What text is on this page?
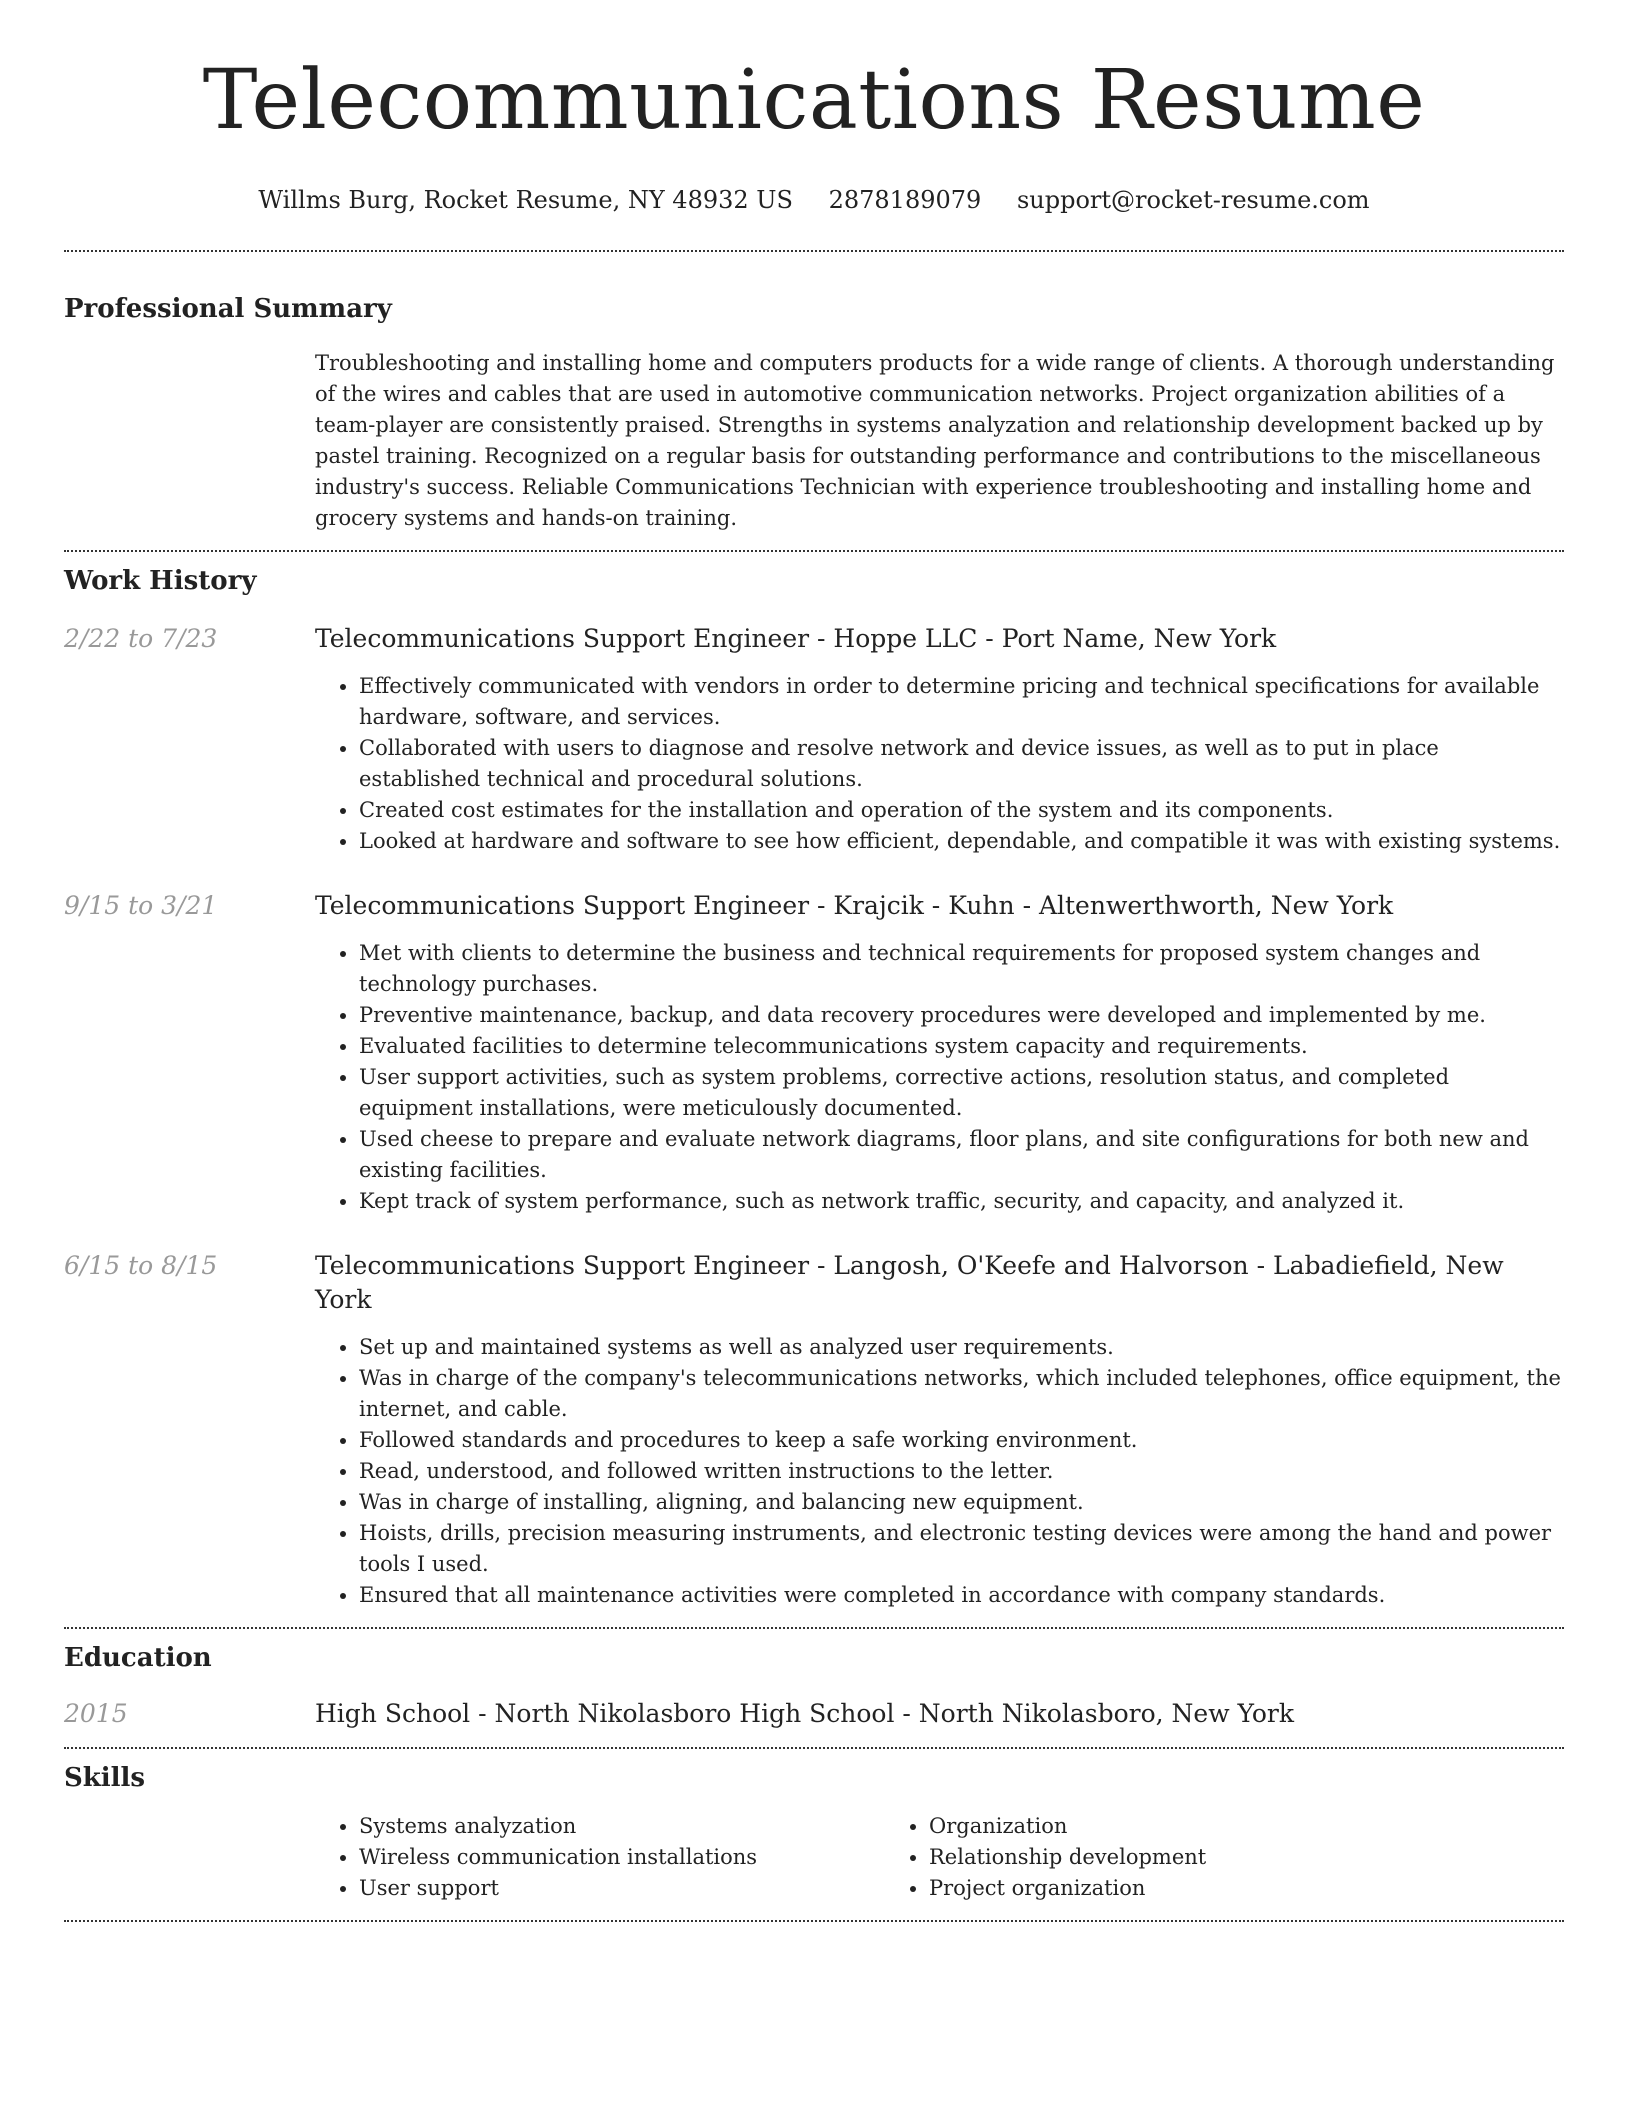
Telecommunications Resume
Willms Burg, Rocket Resume, NY 48932 US 2878189079 support@rocket-resume.com
Professional Summary
Troubleshooting and installing home and computers products for a wide range of clients. A thorough understanding of the wires and cables that are used in automotive communication networks. Project organization abilities of a team-player are consistently praised. Strengths in systems analyzation and relationship development backed up by pastel training. Recognized on a regular basis for outstanding performance and contributions to the miscellaneous industry's success. Reliable Communications Technician with experience troubleshooting and installing home and grocery systems and hands-on training.
Work History
2/22 to 7/23	Telecommunications Support Engineer - Hoppe LLC - Port Name, New York
• Effectively communicated with vendors in order to determine pricing and technical specifications for available hardware, software, and services.
• Collaborated with users to diagnose and resolve network and device issues, as well as to put in place established technical and procedural solutions.
• Created cost estimates for the installation and operation of the system and its components.
• Looked at hardware and software to see how efficient, dependable, and compatible it was with existing systems.
9/15 to 3/21	Telecommunications Support Engineer - Krajcik - Kuhn - Altenwerthworth, New York
• Met with clients to determine the business and technical requirements for proposed system changes and technology purchases.
• Preventive maintenance, backup, and data recovery procedures were developed and implemented by me.
• Evaluated facilities to determine telecommunications system capacity and requirements.
• User support activities, such as system problems, corrective actions, resolution status, and completed equipment installations, were meticulously documented.
• Used cheese to prepare and evaluate network diagrams, floor plans, and site configurations for both new and existing facilities.
• Kept track of system performance, such as network traffic, security, and capacity, and analyzed it.
6/15 to 8/15	Telecommunications Support Engineer - Langosh, O'Keefe and Halvorson - Labadiefield, New York
• Set up and maintained systems as well as analyzed user requirements.
• Was in charge of the company's telecommunications networks, which included telephones, office equipment, the internet, and cable.
• Followed standards and procedures to keep a safe working environment.
• Read, understood, and followed written instructions to the letter.
• Was in charge of installing, aligning, and balancing new equipment.
• Hoists, drills, precision measuring instruments, and electronic testing devices were among the hand and power tools I used.
• Ensured that all maintenance activities were completed in accordance with company standards.
Education
2015	High School - North Nikolasboro High School - North Nikolasboro, New York
Skills
• Systems analyzation
• Wireless communication installations
• User support
• Organization
• Relationship development
• Project organization
